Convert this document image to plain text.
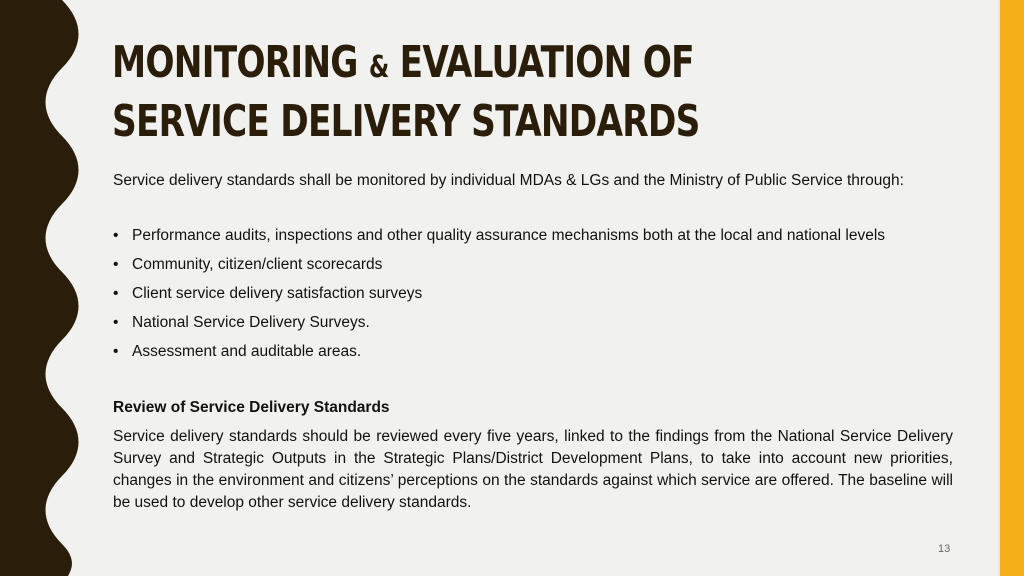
MONITORING & EVALUATION OF
SERVICE DELIVERY STANDARDS
Service delivery standards shall be monitored by individual MDAs & LGs and the Ministry of Public Service through:
• Performance audits, inspections and other quality assurance mechanisms both at the local and national levels
• Community, citizen/client scorecards
• Client service delivery satisfaction surveys
• National Service Delivery Surveys.
• Assessment and auditable areas.
Review of Service Delivery Standards
Service delivery standards should be reviewed every five years, linked to the findings from the National Service Delivery Survey and Strategic Outputs in the Strategic Plans/District Development Plans, to take into account new priorities, changes in the environment and citizens’ perceptions on the standards against which service are offered. The baseline will be used to develop other service delivery standards.
13
